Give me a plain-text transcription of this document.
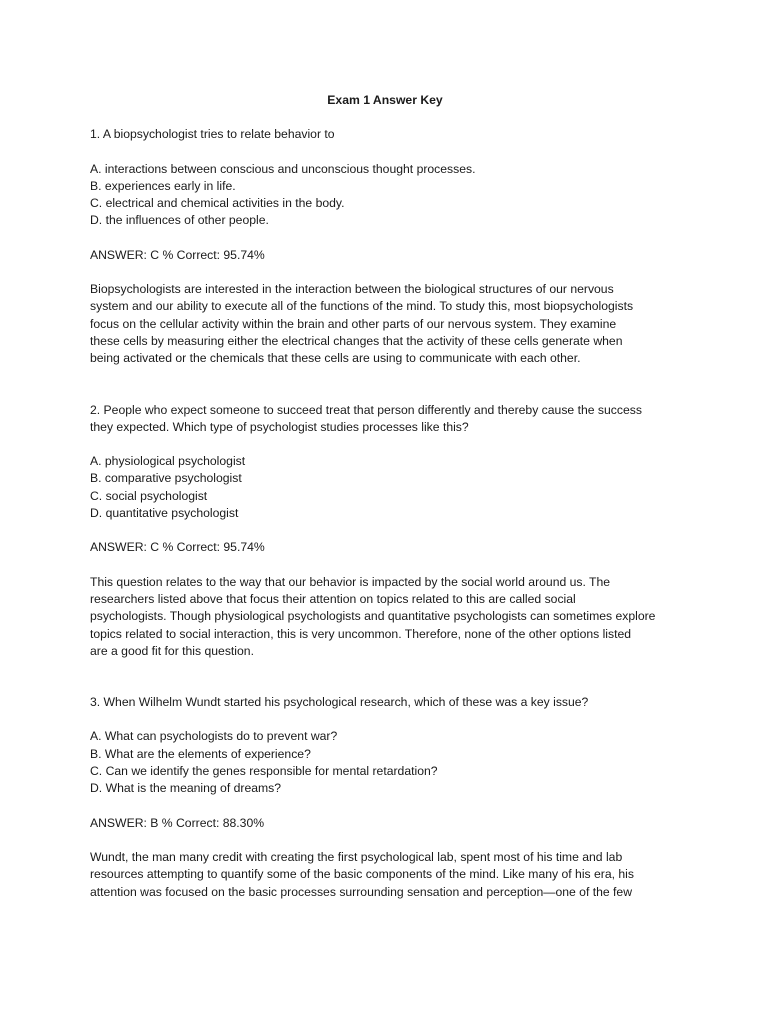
Exam 1 Answer Key
1. A biopsychologist tries to relate behavior to
A. interactions between conscious and unconscious thought processes.
B. experiences early in life.
C. electrical and chemical activities in the body.
D. the influences of other people.
ANSWER: C % Correct: 95.74%
Biopsychologists are interested in the interaction between the biological structures of our nervous
system and our ability to execute all of the functions of the mind. To study this, most biopsychologists
focus on the cellular activity within the brain and other parts of our nervous system. They examine
these cells by measuring either the electrical changes that the activity of these cells generate when
being activated or the chemicals that these cells are using to communicate with each other.
2. People who expect someone to succeed treat that person differently and thereby cause the success
they expected. Which type of psychologist studies processes like this?
A. physiological psychologist
B. comparative psychologist
C. social psychologist
D. quantitative psychologist
ANSWER: C % Correct: 95.74%
This question relates to the way that our behavior is impacted by the social world around us. The
researchers listed above that focus their attention on topics related to this are called social
psychologists. Though physiological psychologists and quantitative psychologists can sometimes explore
topics related to social interaction, this is very uncommon. Therefore, none of the other options listed
are a good fit for this question.
3. When Wilhelm Wundt started his psychological research, which of these was a key issue?
A. What can psychologists do to prevent war?
B. What are the elements of experience?
C. Can we identify the genes responsible for mental retardation?
D. What is the meaning of dreams?
ANSWER: B % Correct: 88.30%
Wundt, the man many credit with creating the first psychological lab, spent most of his time and lab
resources attempting to quantify some of the basic components of the mind. Like many of his era, his
attention was focused on the basic processes surrounding sensation and perception—one of the few
